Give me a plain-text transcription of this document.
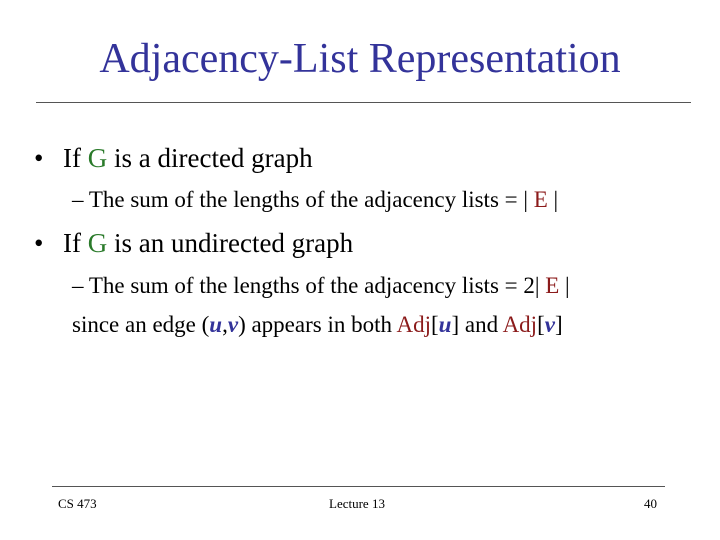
Adjacency-List Representation
• If G is a directed graph
– The sum of the lengths of the adjacency lists = | E |
• If G is an undirected graph
– The sum of the lengths of the adjacency lists = 2| E |
since an edge (u,v) appears in both Adj[u] and Adj[v]
CS 473	Lecture 13	40
